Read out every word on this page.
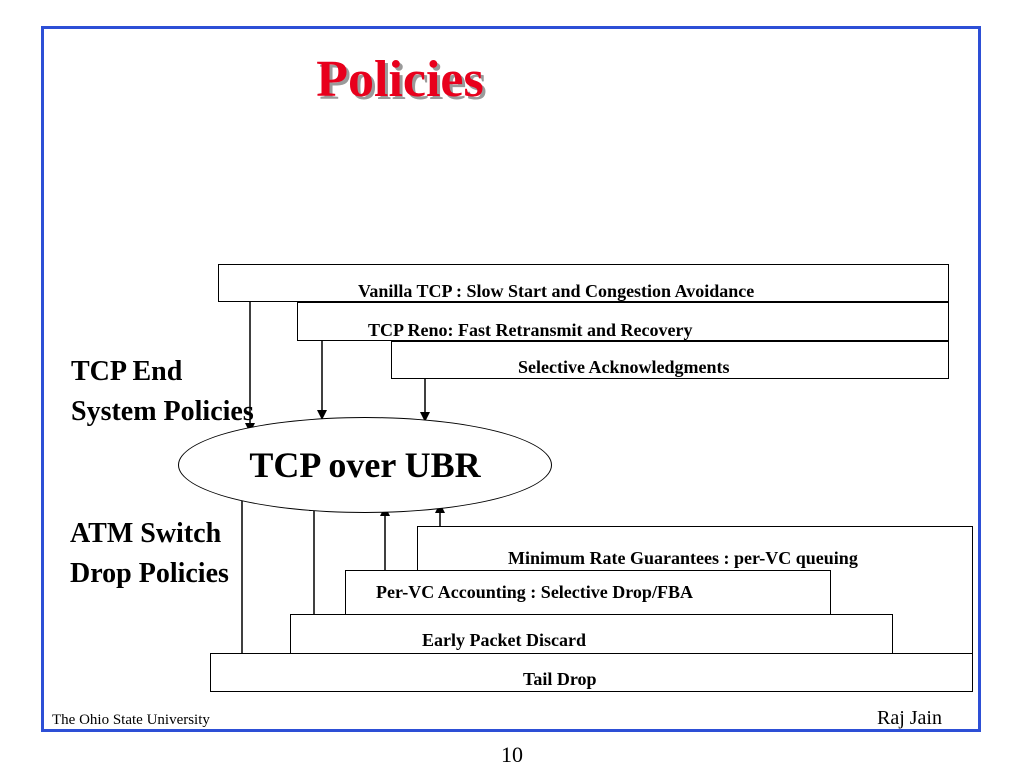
Policies
Vanilla TCP : Slow Start and Congestion Avoidance
TCP Reno: Fast Retransmit and Recovery
Selective Acknowledgments
TCP End
System Policies
ATM Switch
Drop Policies
TCP over UBR
Minimum Rate Guarantees : per-VC queuing
Per-VC Accounting : Selective Drop/FBA
Early Packet Discard
Tail Drop
The Ohio State University	Raj Jain
10
